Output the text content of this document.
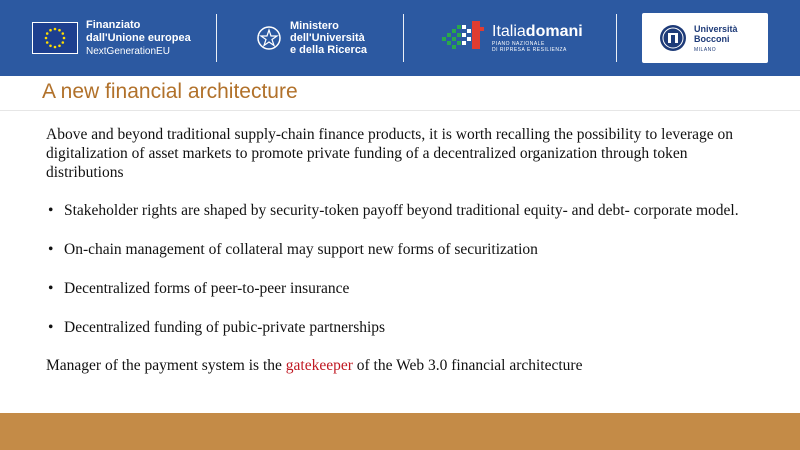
Finanziato
dall'Unione europea
NextGenerationEU
Ministero
dell'Università
e della Ricerca
Italiadomani
PIANO NAZIONALE
DI RIPRESA E RESILIENZA
Università
Bocconi
MILANO
A new financial architecture

Above and beyond traditional supply-chain finance products, it is worth recalling the possibility to leverage on digitalization of asset markets to promote private funding of a decentralized organization through token distributions

• Stakeholder rights are shaped by security-token payoff beyond traditional equity- and debt- corporate model.
• On-chain management of collateral may support new forms of securitization
• Decentralized forms of peer-to-peer insurance
• Decentralized funding of pubic-private partnerships

Manager of the payment system is the gatekeeper of the Web 3.0 financial architecture
